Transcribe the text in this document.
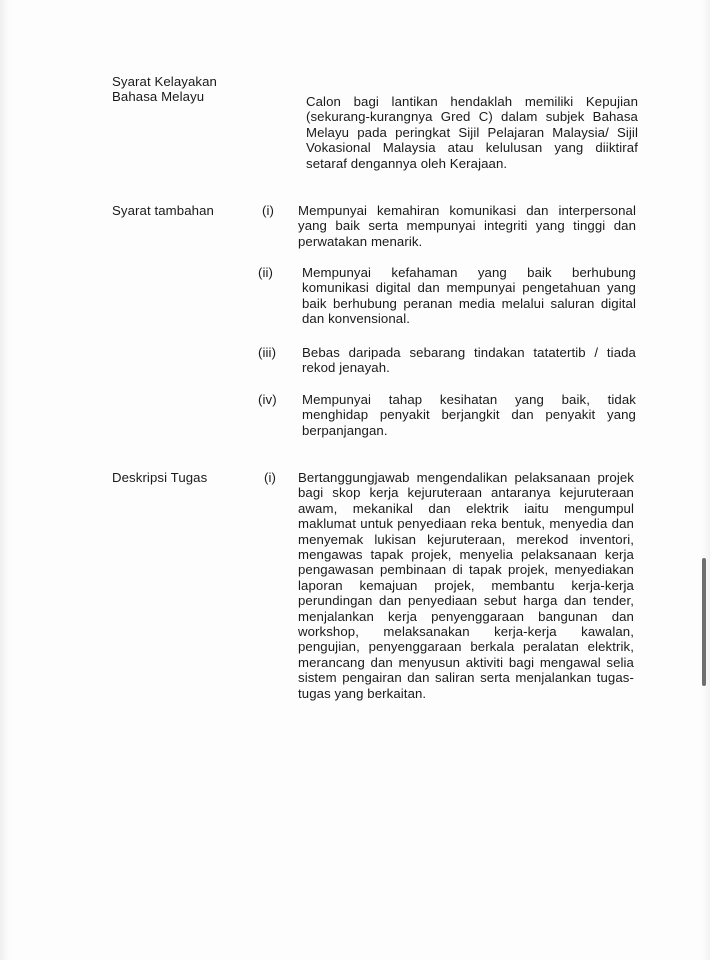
Syarat Kelayakan
Bahasa Melayu	Calon bagi lantikan hendaklah memiliki Kepujian (sekurang-kurangnya Gred C) dalam subjek Bahasa Melayu pada peringkat Sijil Pelajaran Malaysia/ Sijil Vokasional Malaysia atau kelulusan yang diiktiraf setaraf dengannya oleh Kerajaan.

Syarat tambahan	(i)	Mempunyai kemahiran komunikasi dan interpersonal yang baik serta mempunyai integriti yang tinggi dan perwatakan menarik.

(ii)	Mempunyai kefahaman yang baik berhubung komunikasi digital dan mempunyai pengetahuan yang baik berhubung peranan media melalui saluran digital dan konvensional.

(iii)	Bebas daripada sebarang tindakan tatatertib / tiada rekod jenayah.

(iv)	Mempunyai tahap kesihatan yang baik, tidak menghidap penyakit berjangkit dan penyakit yang berpanjangan.

Deskripsi Tugas	(i)	Bertanggungjawab mengendalikan pelaksanaan projek bagi skop kerja kejuruteraan antaranya kejuruteraan awam, mekanikal dan elektrik iaitu mengumpul maklumat untuk penyediaan reka bentuk, menyedia dan menyemak lukisan kejuruteraan, merekod inventori, mengawas tapak projek, menyelia pelaksanaan kerja pengawasan pembinaan di tapak projek, menyediakan laporan kemajuan projek, membantu kerja-kerja perundingan dan penyediaan sebut harga dan tender, menjalankan kerja penyenggaraan bangunan dan workshop, melaksanakan kerja-kerja kawalan, pengujian, penyenggaraan berkala peralatan elektrik, merancang dan menyusun aktiviti bagi mengawal selia sistem pengairan dan saliran serta menjalankan tugas-tugas yang berkaitan.
